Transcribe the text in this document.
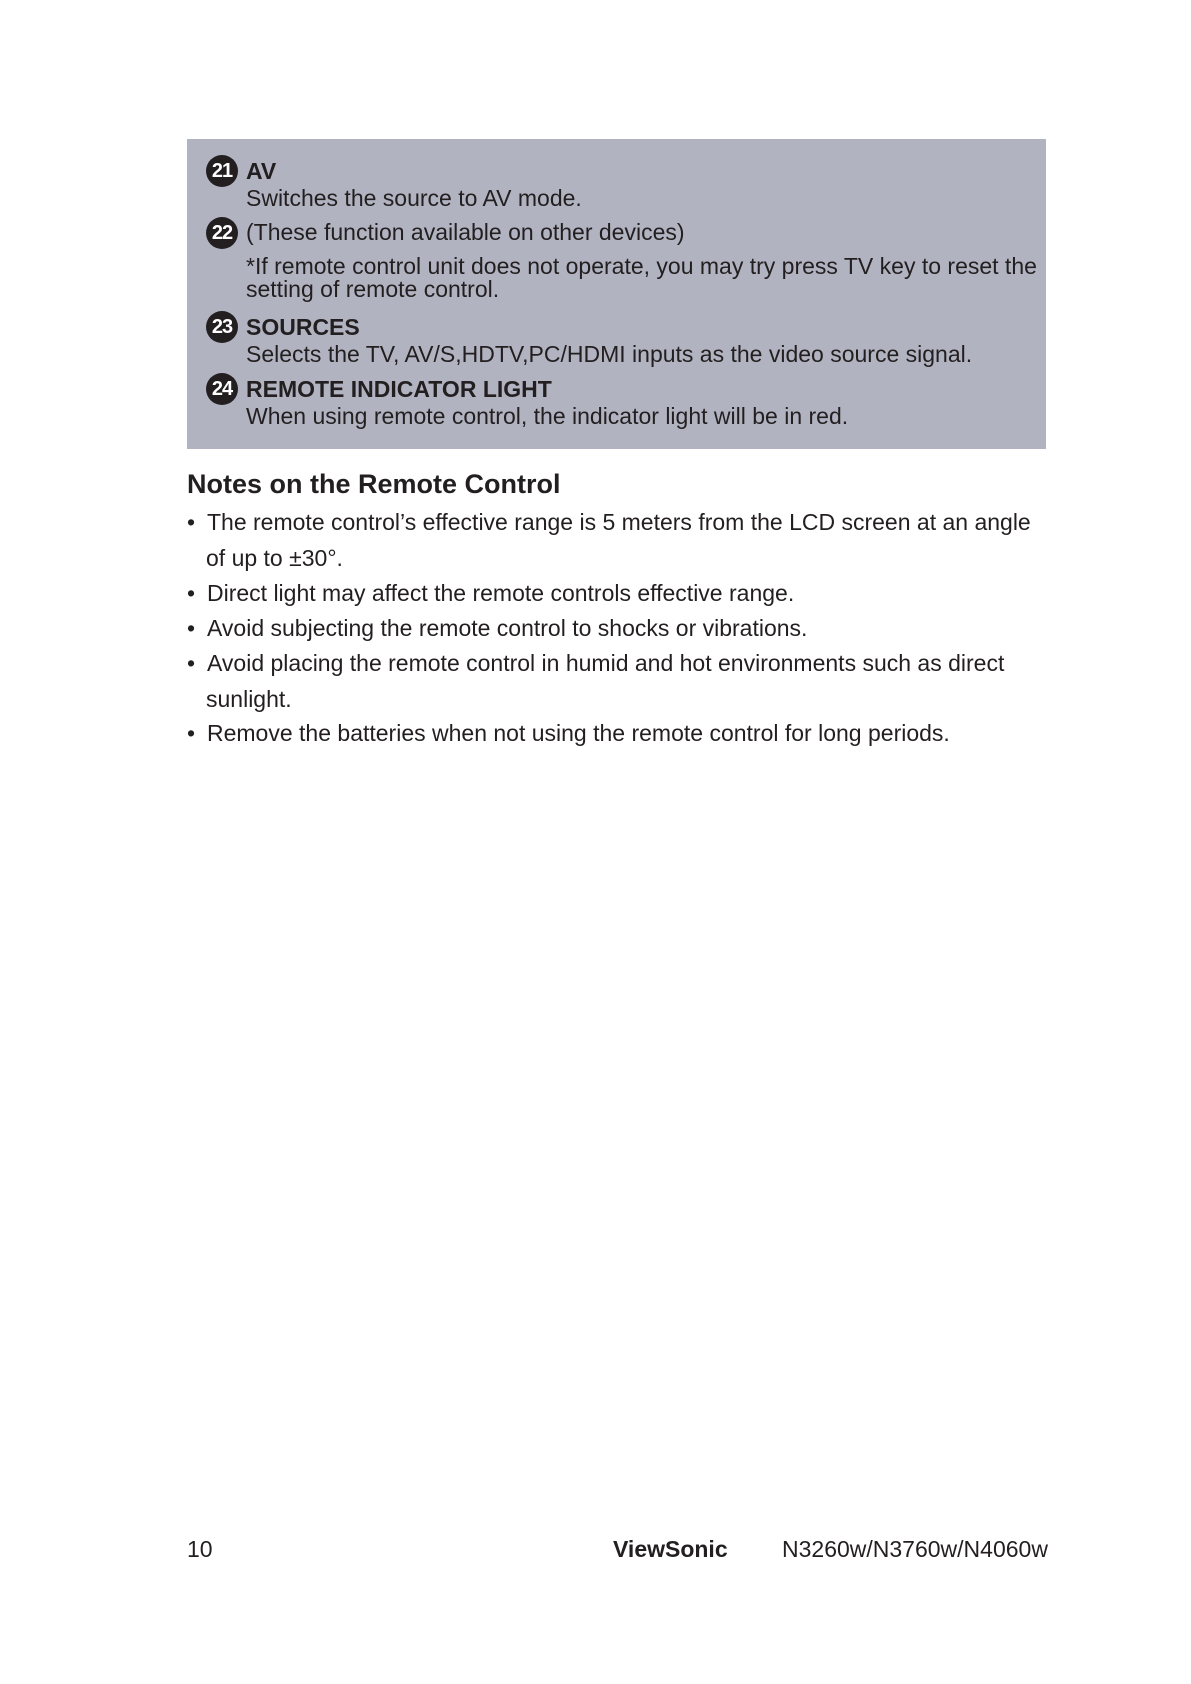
21 AV
Switches the source to AV mode.
22 (These function available on other devices)
*If remote control unit does not operate, you may try press TV key to reset the
setting of remote control.
23 SOURCES
Selects the TV, AV/S,HDTV,PC/HDMI inputs as the video source signal.
24 REMOTE INDICATOR LIGHT
When using remote control, the indicator light will be in red.
Notes on the Remote Control
• The remote control’s effective range is 5 meters from the LCD screen at an angle
of up to ±30°.
• Direct light may affect the remote controls effective range.
• Avoid subjecting the remote control to shocks or vibrations.
• Avoid placing the remote control in humid and hot environments such as direct
sunlight.
• Remove the batteries when not using the remote control for long periods.
10	ViewSonic N3260w/N3760w/N4060w
